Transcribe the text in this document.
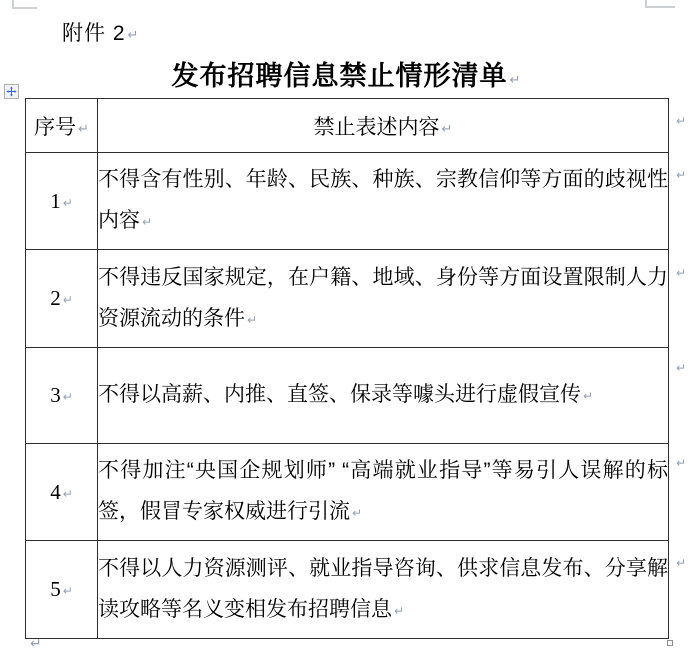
附件 2 ↵
发布招聘信息禁止情形清单 ↵
序号 ↵	禁止表述内容 ↵
1 ↵	不得含有性别、年龄、民族、种族、宗教信仰等方面的歧视性内容 ↵
2 ↵	不得违反国家规定，在户籍、地域、身份等方面设置限制人力资源流动的条件 ↵
3 ↵	不得以高薪、内推、直签、保录等噱头进行虚假宣传 ↵
4 ↵	不得加注“央国企规划师” “高端就业指导”等易引人误解的标签，假冒专家权威进行引流 ↵
5 ↵	不得以人力资源测评、就业指导咨询、供求信息发布、分享解读攻略等名义变相发布招聘信息 ↵
↵
↵
↵
↵
↵
↵
↵
